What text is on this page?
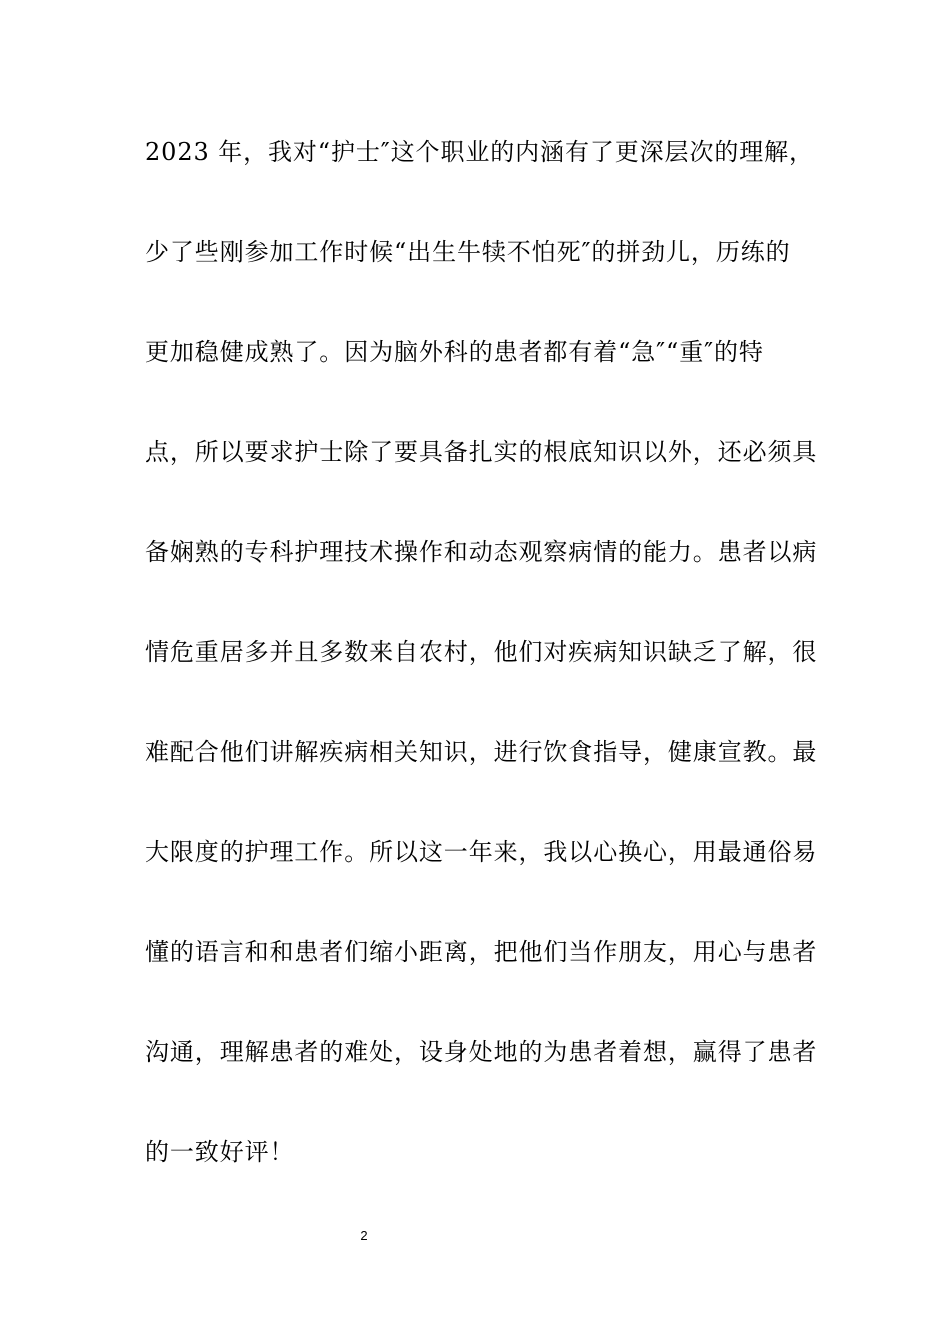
2023 年，我对“护士″这个职业的内涵有了更深层次的理解，
少了些刚参加工作时候“出生牛犊不怕死″的拼劲儿，历练的
更加稳健成熟了。因为脑外科的患者都有着“急″“重″的特
点，所以要求护士除了要具备扎实的根底知识以外，还必须具
备娴熟的专科护理技术操作和动态观察病情的能力。患者以病
情危重居多并且多数来自农村，他们对疾病知识缺乏了解，很
难配合他们讲解疾病相关知识，进行饮食指导，健康宣教。最
大限度的护理工作。所以这一年来，我以心换心，用最通俗易
懂的语言和和患者们缩小距离，把他们当作朋友，用心与患者
沟通，理解患者的难处，设身处地的为患者着想，赢得了患者
的一致好评！
2
